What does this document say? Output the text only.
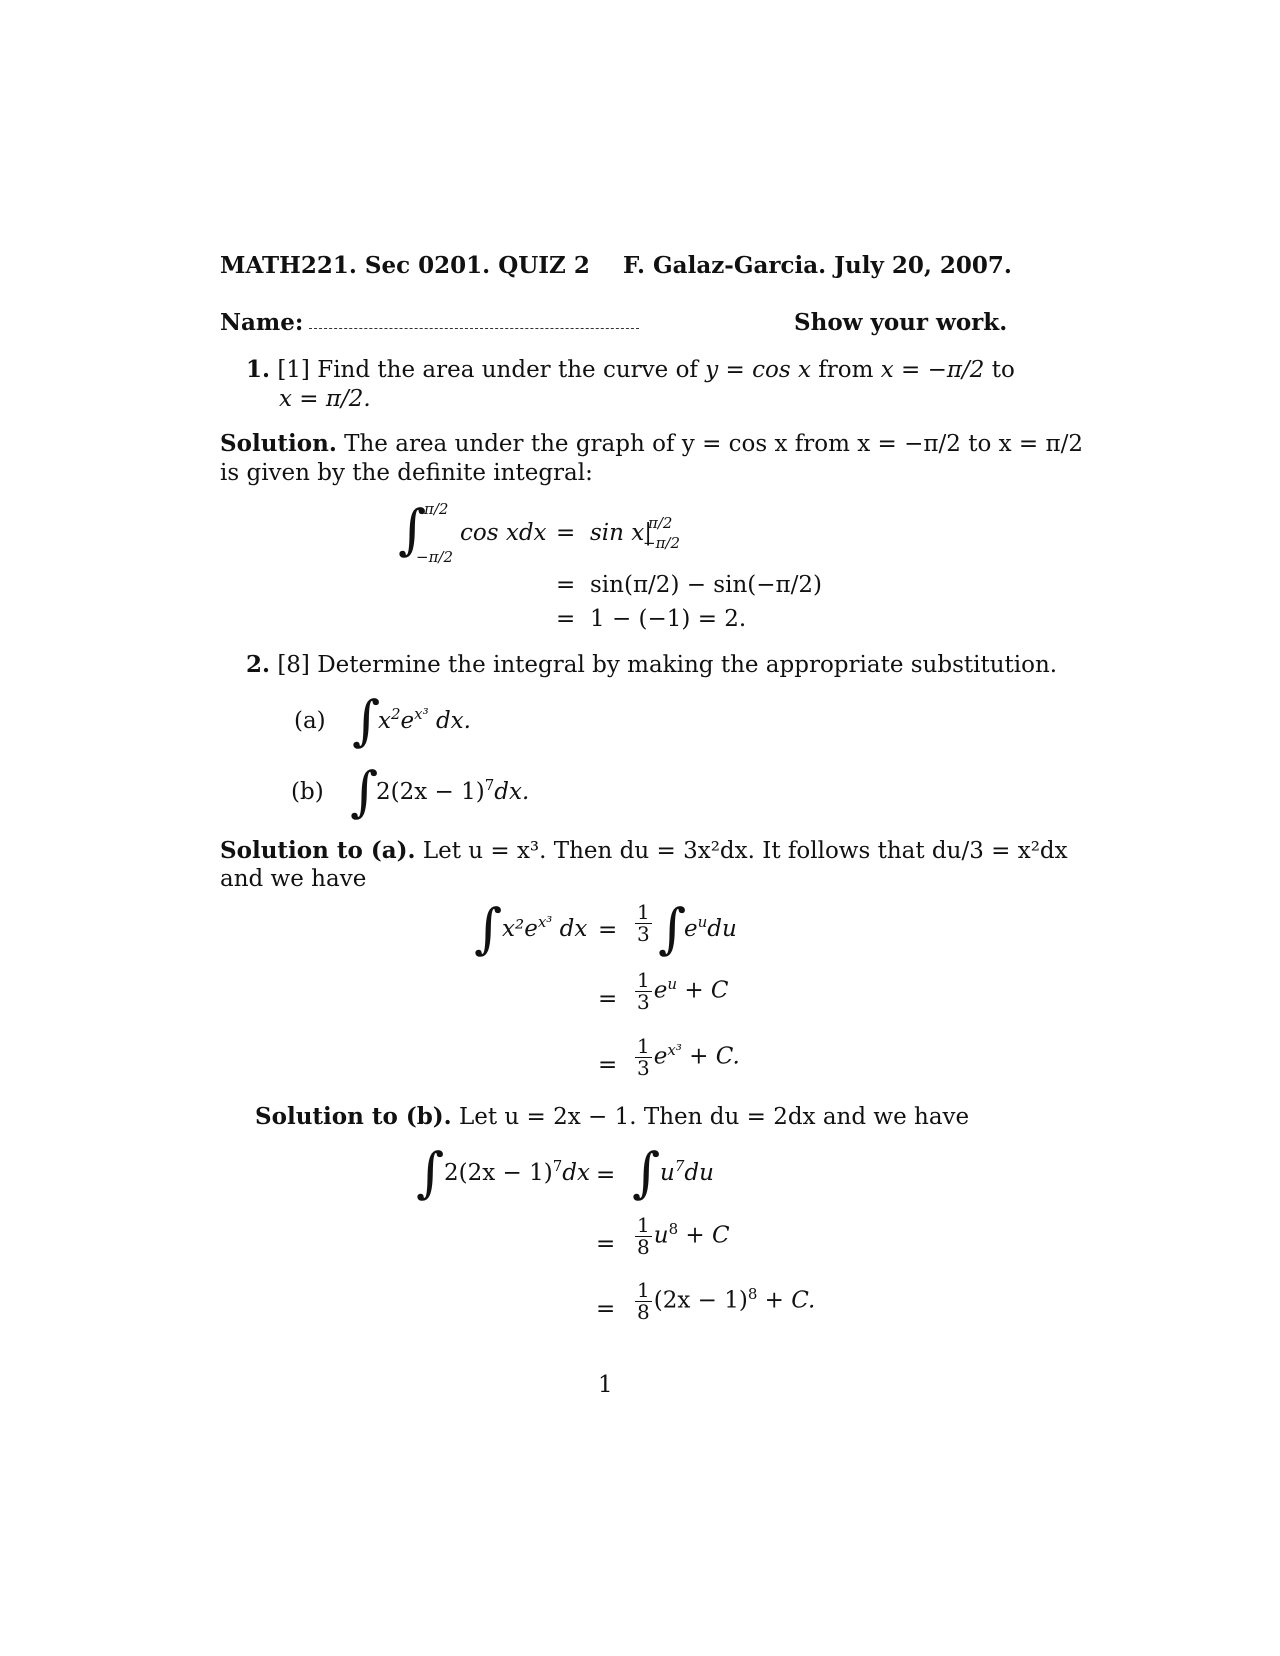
MATH221. Sec 0201. QUIZ 2 F. Galaz-Garcia. July 20, 2007.
Name:	Show your work.
1. [1] Find the area under the curve of y = cos x from x = −π/2 to
x = π/2.
Solution. The area under the graph of y = cos x from x = −π/2 to x = π/2
is given by the definite integral:
∫
π/2
−π/2
cos xdx = sin x|
π/2
−π/2
= sin(π/2) − sin(−π/2)
= 1 − (−1) = 2.
2. [8] Determine the integral by making the appropriate substitution.
(a) ∫
$x^2e^{x^3}$ dx.
(b) ∫
$2(2x - 1)^7dx$.
Solution to (a). Let u = x³. Then du = 3x²dx. It follows that du/3 = x²dx
and we have
∫ $x^2e^{x^3}$ dx = $\frac{1}{3}$ ∫
$e^udu$
= $\frac{1}{3} e^u + C$
= $\frac{1}{3} e^{x^3} + C$.
Solution to (b). Let u = 2x − 1. Then du = 2dx and we have
∫ $2(2x - 1)^7dx$ = ∫ $u^7du$
= $\frac{1}{8} u^8 + C$
= $\frac{1}{8} (2x - 1)^8 + C$.
1
